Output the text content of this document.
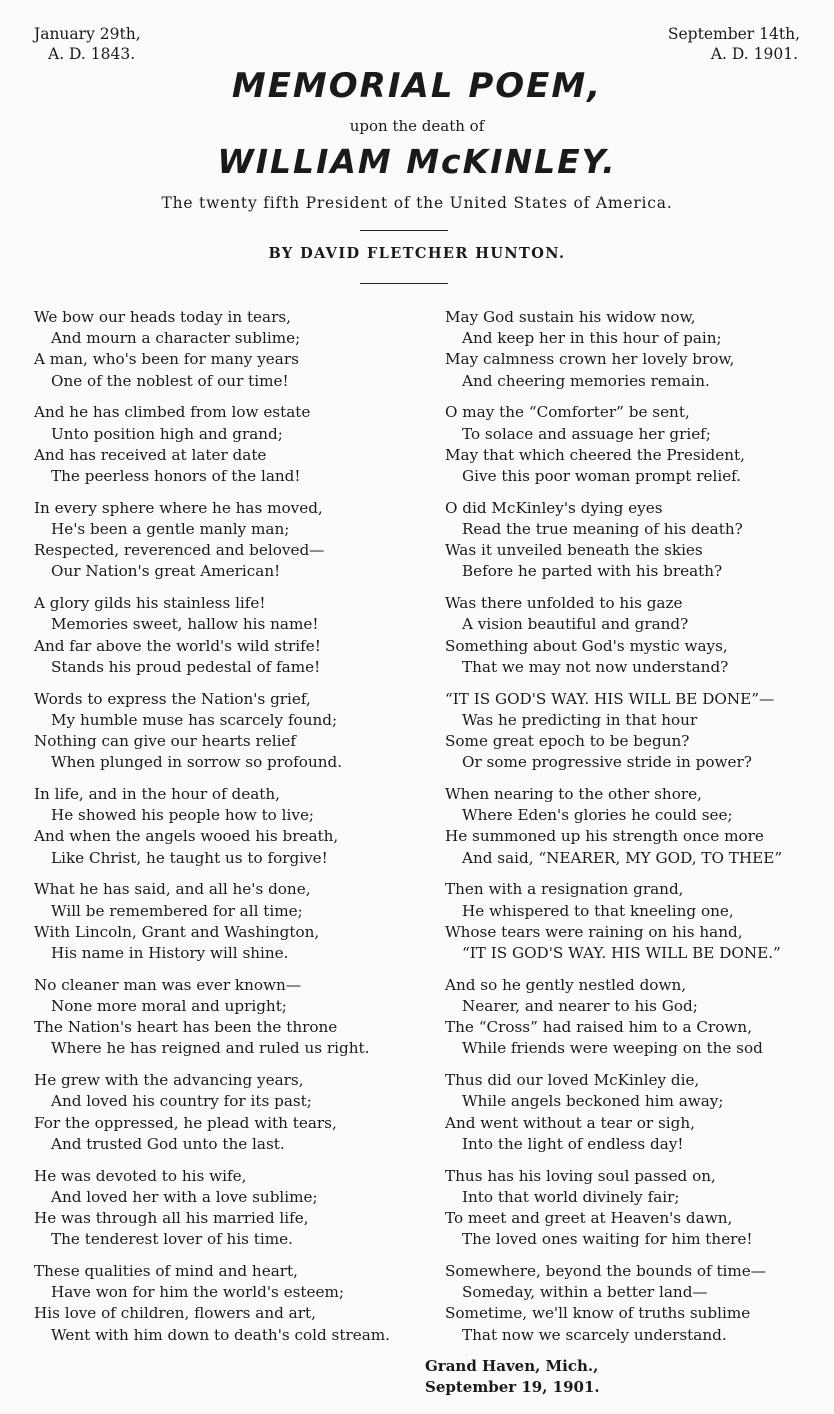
January 29th,
A. D. 1843.
September 14th,
A. D. 1901.
MEMORIAL POEM,
upon the death of
WILLIAM McKINLEY.
The twenty fifth President of the United States of America.
BY DAVID FLETCHER HUNTON.
We bow our heads today in tears,
And mourn a character sublime;
A man, who's been for many years
One of the noblest of our time!
And he has climbed from low estate
Unto position high and grand;
And has received at later date
The peerless honors of the land!
In every sphere where he has moved,
He's been a gentle manly man;
Respected, reverenced and beloved—
Our Nation's great American!
A glory gilds his stainless life!
Memories sweet, hallow his name!
And far above the world's wild strife!
Stands his proud pedestal of fame!
Words to express the Nation's grief,
My humble muse has scarcely found;
Nothing can give our hearts relief
When plunged in sorrow so profound.
In life, and in the hour of death,
He showed his people how to live;
And when the angels wooed his breath,
Like Christ, he taught us to forgive!
What he has said, and all he's done,
Will be remembered for all time;
With Lincoln, Grant and Washington,
His name in History will shine.
No cleaner man was ever known—
None more moral and upright;
The Nation's heart has been the throne
Where he has reigned and ruled us right.
He grew with the advancing years,
And loved his country for its past;
For the oppressed, he plead with tears,
And trusted God unto the last.
He was devoted to his wife,
And loved her with a love sublime;
He was through all his married life,
The tenderest lover of his time.
These qualities of mind and heart,
Have won for him the world's esteem;
His love of children, flowers and art,
Went with him down to death's cold stream.
May God sustain his widow now,
And keep her in this hour of pain;
May calmness crown her lovely brow,
And cheering memories remain.
O may the “Comforter” be sent,
To solace and assuage her grief;
May that which cheered the President,
Give this poor woman prompt relief.
O did McKinley's dying eyes
Read the true meaning of his death?
Was it unveiled beneath the skies
Before he parted with his breath?
Was there unfolded to his gaze
A vision beautiful and grand?
Something about God's mystic ways,
That we may not now understand?
“IT IS GOD'S WAY. HIS WILL BE DONE”—
Was he predicting in that hour
Some great epoch to be begun?
Or some progressive stride in power?
When nearing to the other shore,
Where Eden's glories he could see;
He summoned up his strength once more
And said, “NEARER, MY GOD, TO THEE”
Then with a resignation grand,
He whispered to that kneeling one,
Whose tears were raining on his hand,
“IT IS GOD'S WAY. HIS WILL BE DONE.”
And so he gently nestled down,
Nearer, and nearer to his God;
The “Cross” had raised him to a Crown,
While friends were weeping on the sod
Thus did our loved McKinley die,
While angels beckoned him away;
And went without a tear or sigh,
Into the light of endless day!
Thus has his loving soul passed on,
Into that world divinely fair;
To meet and greet at Heaven's dawn,
The loved ones waiting for him there!
Somewhere, beyond the bounds of time—
Someday, within a better land—
Sometime, we'll know of truths sublime
That now we scarcely understand.
Grand Haven, Mich.,
September 19, 1901.
